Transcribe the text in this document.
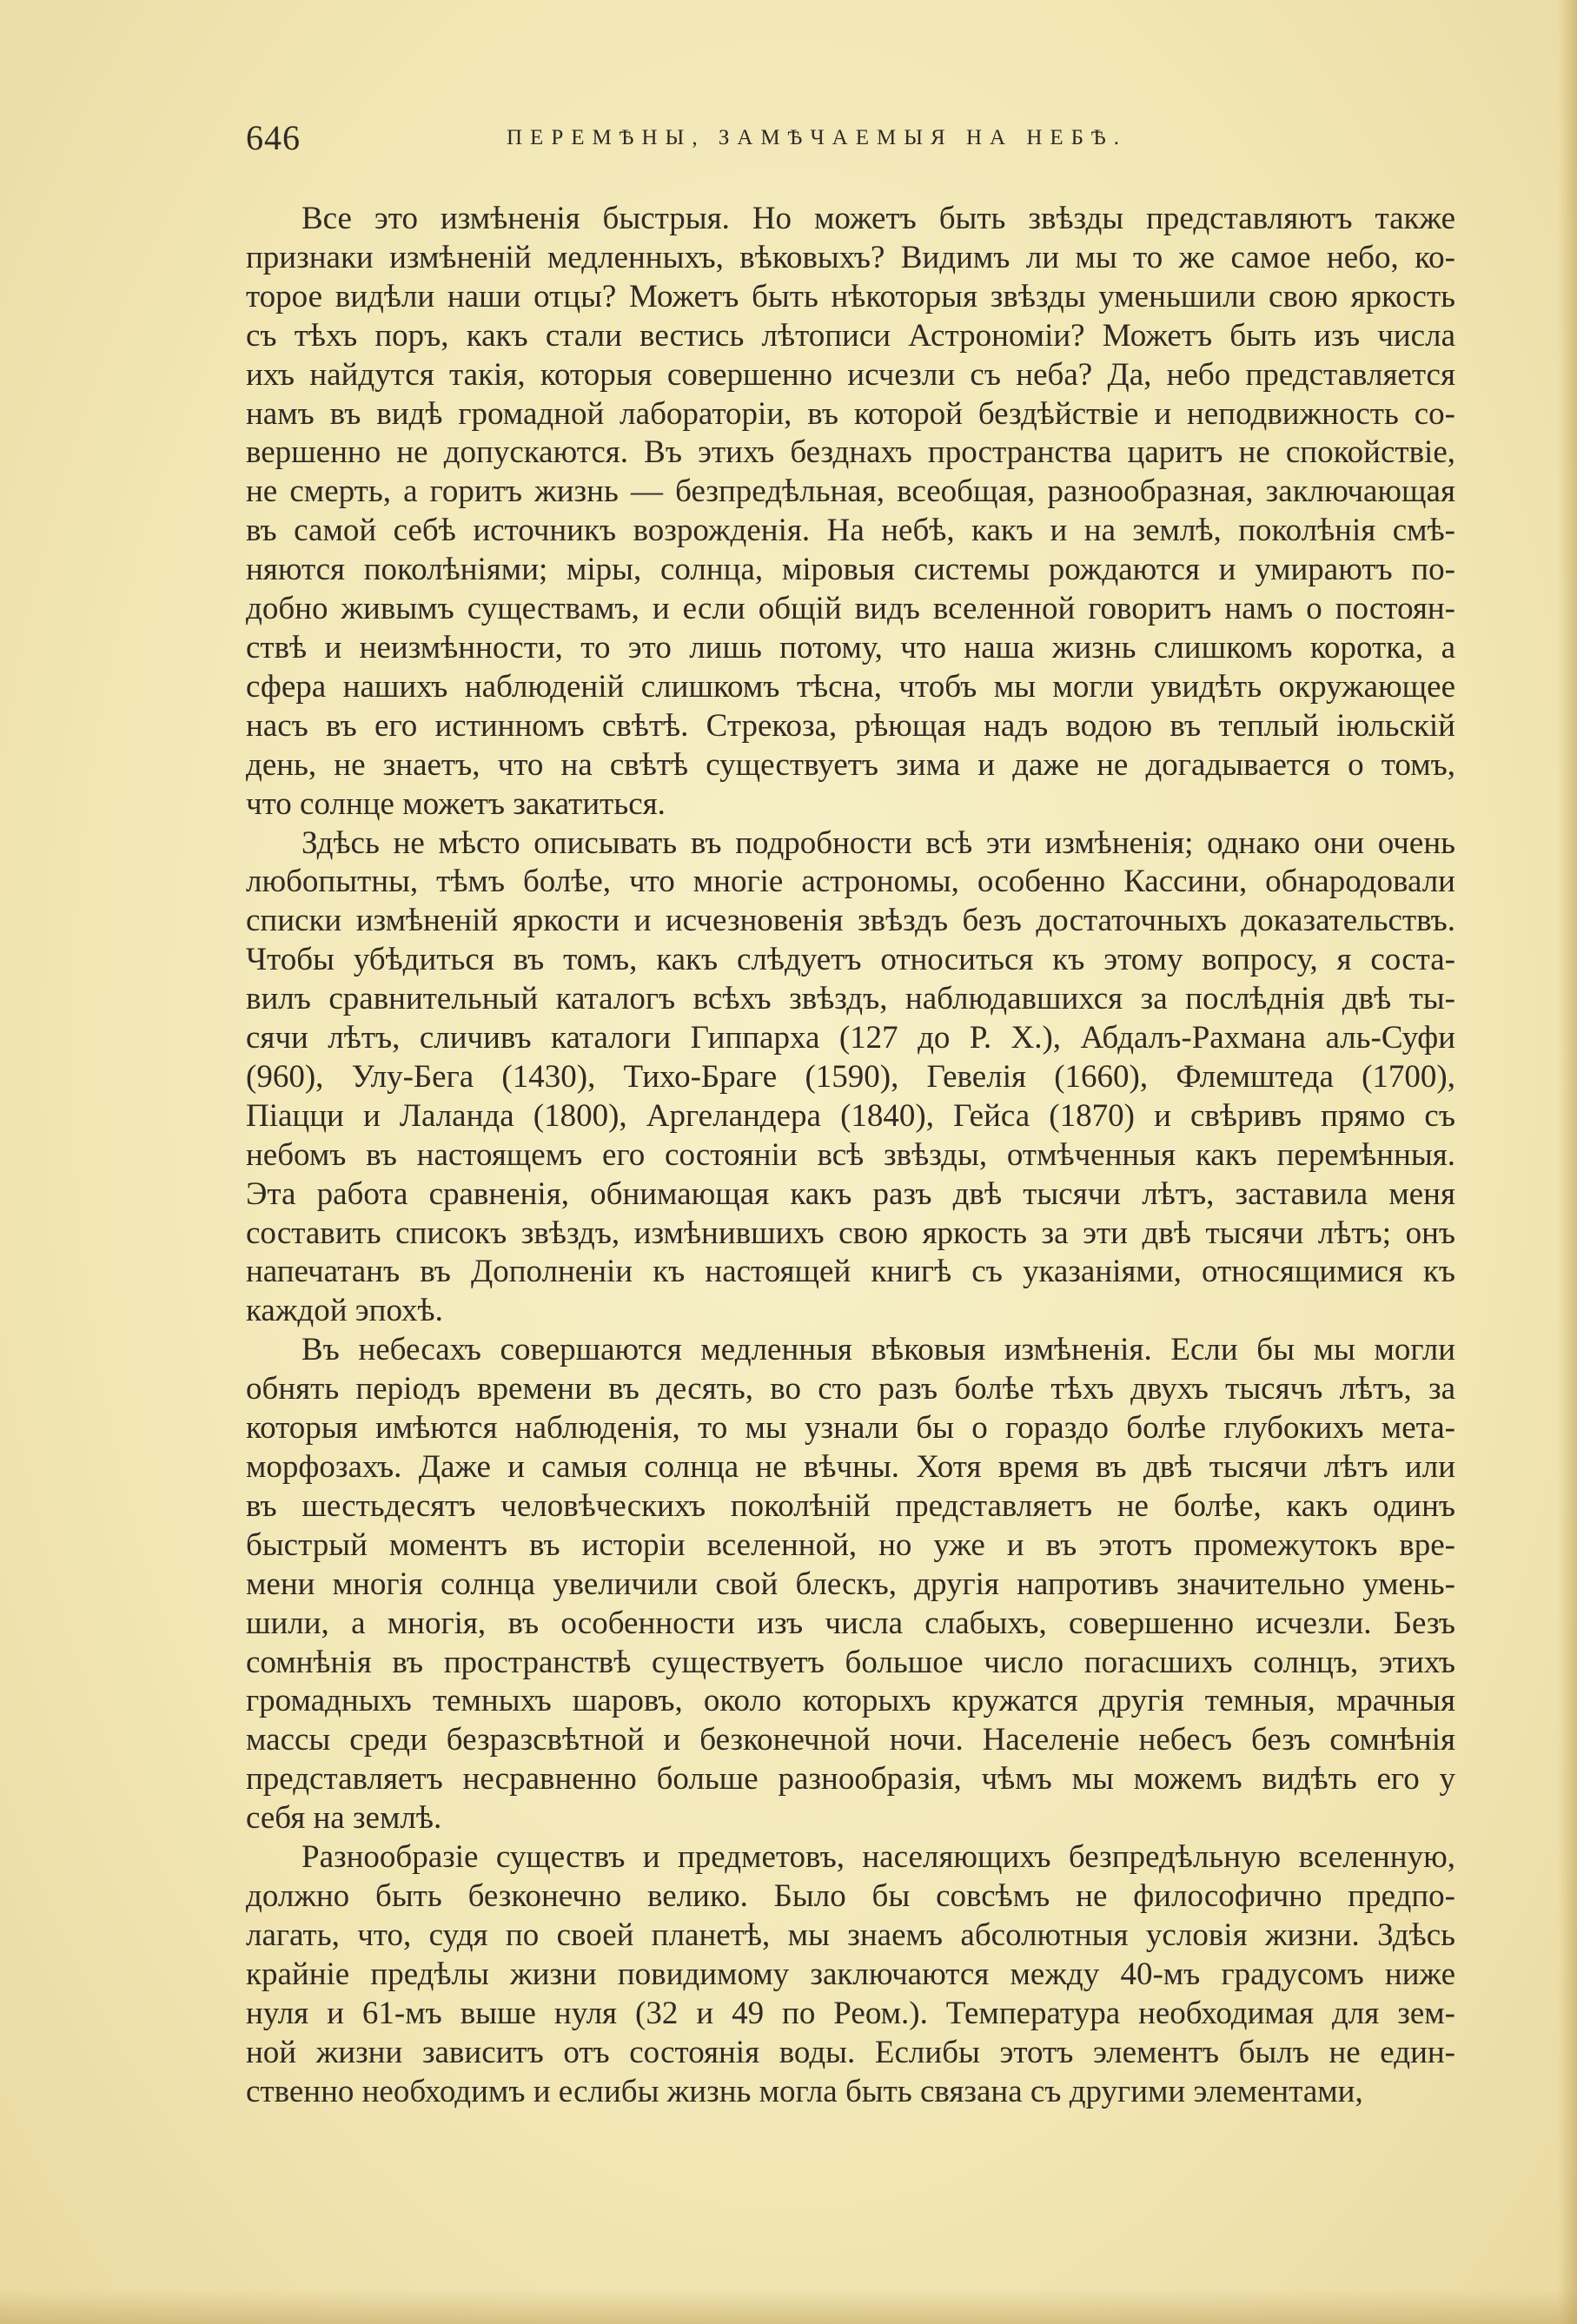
646	ПЕРЕМѢНЫ, ЗАМѢЧАЕМЫЯ НА НЕБѢ.

Все это измѣненія быстрыя. Но можетъ быть звѣзды представляютъ также
признаки измѣненій медленныхъ, вѣковыхъ? Видимъ ли мы то же самое небо, ко-
торое видѣли наши отцы? Можетъ быть нѣкоторыя звѣзды уменьшили свою яркость
съ тѣхъ поръ, какъ стали вестись лѣтописи Астрономіи? Можетъ быть изъ числа
ихъ найдутся такія, которыя совершенно исчезли съ неба? Да, небо представляется
намъ въ видѣ громадной лабораторіи, въ которой бездѣйствіе и неподвижность со-
вершенно не допускаются. Въ этихъ безднахъ пространства царитъ не спокойствіе,
не смерть, а горитъ жизнь — безпредѣльная, всеобщая, разнообразная, заключающая
въ самой себѣ источникъ возрожденія. На небѣ, какъ и на землѣ, поколѣнія смѣ-
няются поколѣніями; міры, солнца, міровыя системы рождаются и умираютъ по-
добно живымъ существамъ, и если общій видъ вселенной говоритъ намъ о постоян-
ствѣ и неизмѣнности, то это лишь потому, что наша жизнь слишкомъ коротка, а
сфера нашихъ наблюденій слишкомъ тѣсна, чтобъ мы могли увидѣть окружающее
насъ въ его истинномъ свѣтѣ. Стрекоза, рѣющая надъ водою въ теплый іюльскій
день, не знаетъ, что на свѣтѣ существуетъ зима и даже не догадывается о томъ,
что солнце можетъ закатиться.

Здѣсь не мѣсто описывать въ подробности всѣ эти измѣненія; однако они очень
любопытны, тѣмъ болѣе, что многіе астрономы, особенно Кассини, обнародовали
списки измѣненій яркости и исчезновенія звѣздъ безъ достаточныхъ доказательствъ.
Чтобы убѣдиться въ томъ, какъ слѣдуетъ относиться къ этому вопросу, я соста-
вилъ сравнительный каталогъ всѣхъ звѣздъ, наблюдавшихся за послѣднія двѣ ты-
сячи лѣтъ, сличивъ каталоги Гиппарха (127 до Р. Х.), Абдалъ-Рахмана аль-Суфи
(960), Улу-Бега (1430), Тихо-Браге (1590), Гевелія (1660), Флемштеда (1700),
Піацци и Лаланда (1800), Аргеландера (1840), Гейса (1870) и свѣривъ прямо съ
небомъ въ настоящемъ его состояніи всѣ звѣзды, отмѣченныя какъ перемѣнныя.
Эта работа сравненія, обнимающая какъ разъ двѣ тысячи лѣтъ, заставила меня
составить списокъ звѣздъ, измѣнившихъ свою яркость за эти двѣ тысячи лѣтъ; онъ
напечатанъ въ Дополненіи къ настоящей книгѣ съ указаніями, относящимися къ
каждой эпохѣ.

Въ небесахъ совершаются медленныя вѣковыя измѣненія. Если бы мы могли
обнять періодъ времени въ десять, во сто разъ болѣе тѣхъ двухъ тысячъ лѣтъ, за
которыя имѣются наблюденія, то мы узнали бы о гораздо болѣе глубокихъ мета-
морфозахъ. Даже и самыя солнца не вѣчны. Хотя время въ двѣ тысячи лѣтъ или
въ шестьдесятъ человѣческихъ поколѣній представляетъ не болѣе, какъ одинъ
быстрый моментъ въ исторіи вселенной, но уже и въ этотъ промежутокъ вре-
мени многія солнца увеличили свой блескъ, другія напротивъ значительно умень-
шили, а многія, въ особенности изъ числа слабыхъ, совершенно исчезли. Безъ
сомнѣнія въ пространствѣ существуетъ большое число погасшихъ солнцъ, этихъ
громадныхъ темныхъ шаровъ, около которыхъ кружатся другія темныя, мрачныя
массы среди безразсвѣтной и безконечной ночи. Населеніе небесъ безъ сомнѣнія
представляетъ несравненно больше разнообразія, чѣмъ мы можемъ видѣть его у
себя на землѣ.

Разнообразіе существъ и предметовъ, населяющихъ безпредѣльную вселенную,
должно быть безконечно велико. Было бы совсѣмъ не философично предпо-
лагать, что, судя по своей планетѣ, мы знаемъ абсолютныя условія жизни. Здѣсь
крайніе предѣлы жизни повидимому заключаются между 40-мъ градусомъ ниже
нуля и 61-мъ выше нуля (32 и 49 по Реом.). Температура необходимая для зем-
ной жизни зависитъ отъ состоянія воды. Еслибы этотъ элементъ былъ не един-
ственно необходимъ и еслибы жизнь могла быть связана съ другими элементами,
